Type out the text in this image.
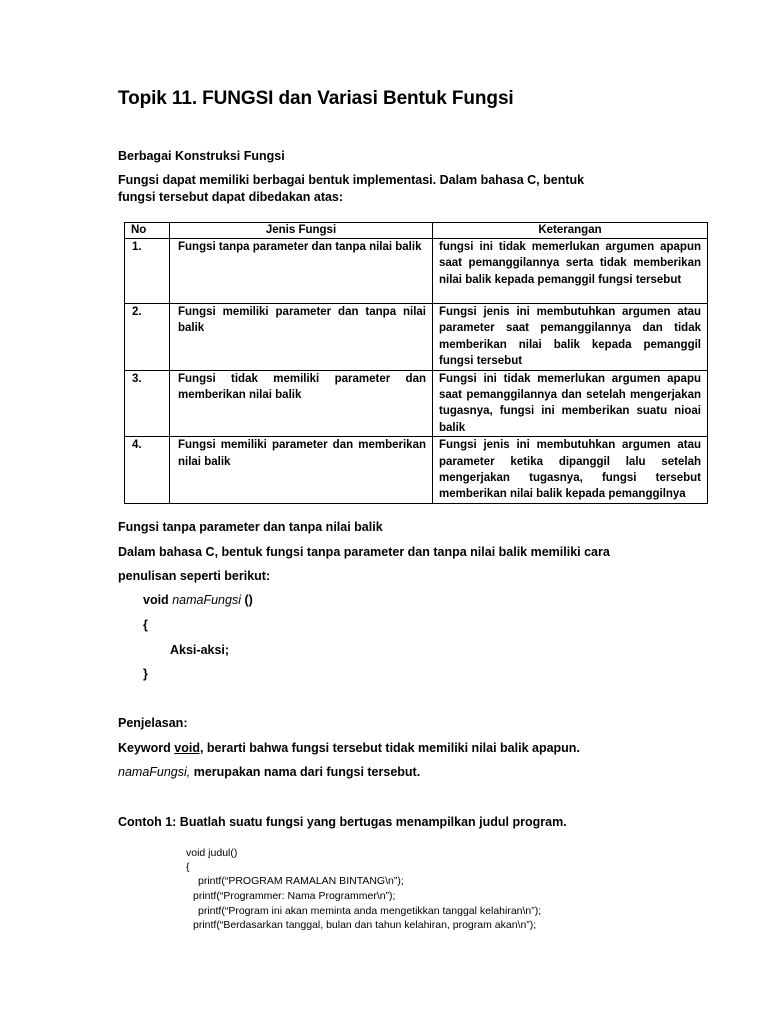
Topik 11. FUNGSI dan Variasi Bentuk Fungsi
Berbagai Konstruksi Fungsi
Fungsi dapat memiliki berbagai bentuk implementasi. Dalam bahasa C, bentuk fungsi tersebut dapat dibedakan atas:
No	Jenis Fungsi	Keterangan
1.	Fungsi tanpa parameter dan tanpa nilai balik	fungsi ini tidak memerlukan argumen apapun saat pemanggilannya serta tidak memberikan nilai balik kepada pemanggil fungsi tersebut
2.	Fungsi memiliki parameter dan tanpa nilai balik	Fungsi jenis ini membutuhkan argumen atau parameter saat pemanggilannya dan tidak memberikan nilai balik kepada pemanggil fungsi tersebut
3.	Fungsi tidak memiliki parameter dan memberikan nilai balik	Fungsi ini tidak memerlukan argumen apapu saat pemanggilannya dan setelah mengerjakan tugasnya, fungsi ini memberikan suatu nioai balik
4.	Fungsi memiliki parameter dan memberikan nilai balik	Fungsi jenis ini membutuhkan argumen atau parameter ketika dipanggil lalu setelah mengerjakan tugasnya, fungsi tersebut memberikan nilai balik kepada pemanggilnya
Fungsi tanpa parameter dan tanpa nilai balik
Dalam bahasa C, bentuk fungsi tanpa parameter dan tanpa nilai balik memiliki cara
penulisan seperti berikut:
void namaFungsi ()
{
Aksi-aksi;
}
Penjelasan:
Keyword void, berarti bahwa fungsi tersebut tidak memiliki nilai balik apapun.
namaFungsi, merupakan nama dari fungsi tersebut.
Contoh 1: Buatlah suatu fungsi yang bertugas menampilkan judul program.
void judul()
{
printf(“PROGRAM RAMALAN BINTANG\n”);
printf(“Programmer: Nama Programmer\n”);
printf(“Program ini akan meminta anda mengetikkan tanggal kelahiran\n”);
printf(“Berdasarkan tanggal, bulan dan tahun kelahiran, program akan\n”);
